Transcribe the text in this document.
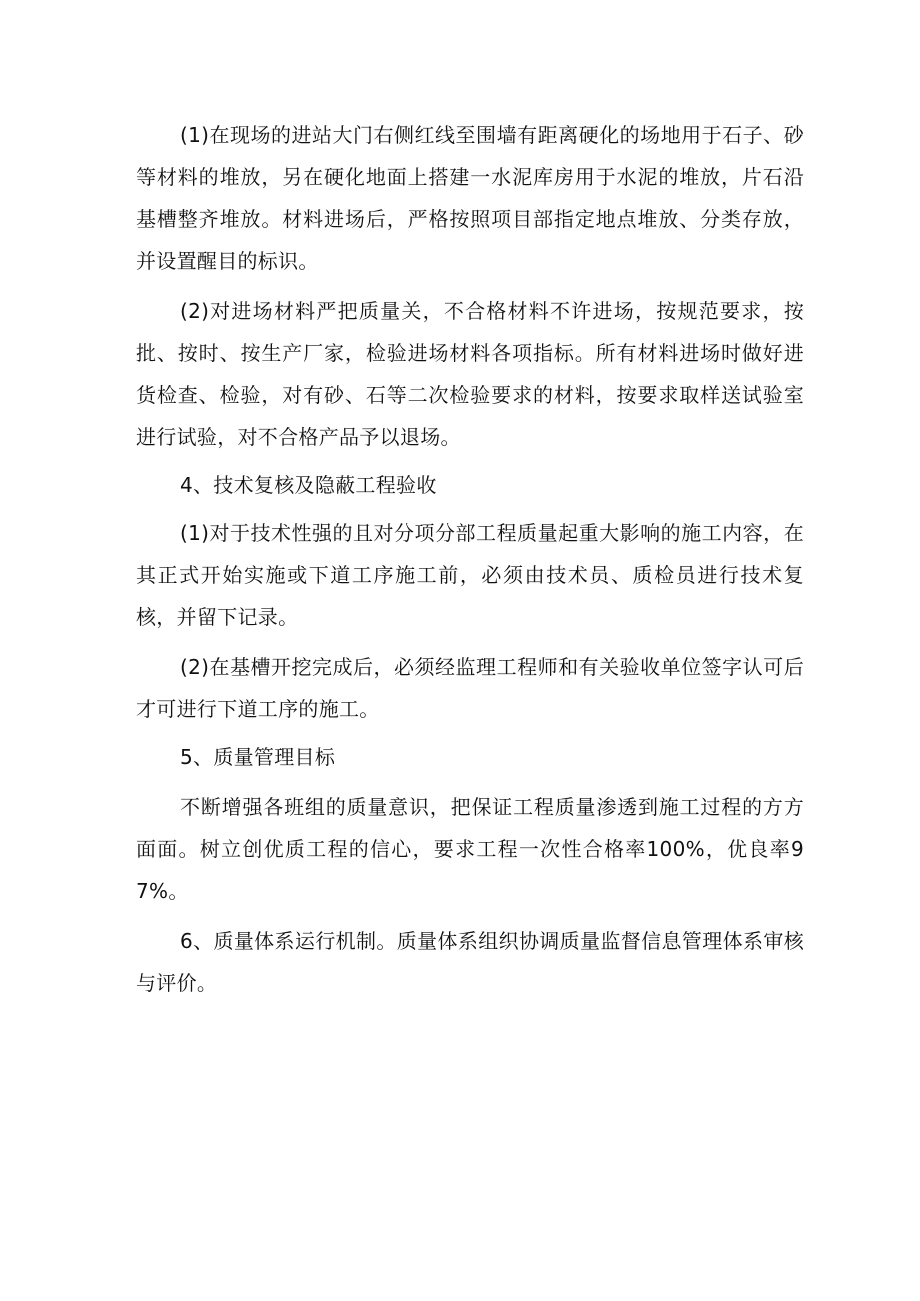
(1)在现场的进站大门右侧红线至围墙有距离硬化的场地用于石子、砂等材料的堆放，另在硬化地面上搭建一水泥库房用于水泥的堆放，片石沿基槽整齐堆放。材料进场后，严格按照项目部指定地点堆放、分类存放，并设置醒目的标识。

(2)对进场材料严把质量关，不合格材料不许进场，按规范要求，按批、按时、按生产厂家，检验进场材料各项指标。所有材料进场时做好进货检查、检验，对有砂、石等二次检验要求的材料，按要求取样送试验室进行试验，对不合格产品予以退场。

4、技术复核及隐蔽工程验收

(1)对于技术性强的且对分项分部工程质量起重大影响的施工内容，在其正式开始实施或下道工序施工前，必须由技术员、质检员进行技术复核，并留下记录。

(2)在基槽开挖完成后，必须经监理工程师和有关验收单位签字认可后才可进行下道工序的施工。

5、质量管理目标

不断增强各班组的质量意识，把保证工程质量渗透到施工过程的方方面面。树立创优质工程的信心，要求工程一次性合格率100%，优良率97%。

6、质量体系运行机制。质量体系组织协调质量监督信息管理体系审核与评价。
